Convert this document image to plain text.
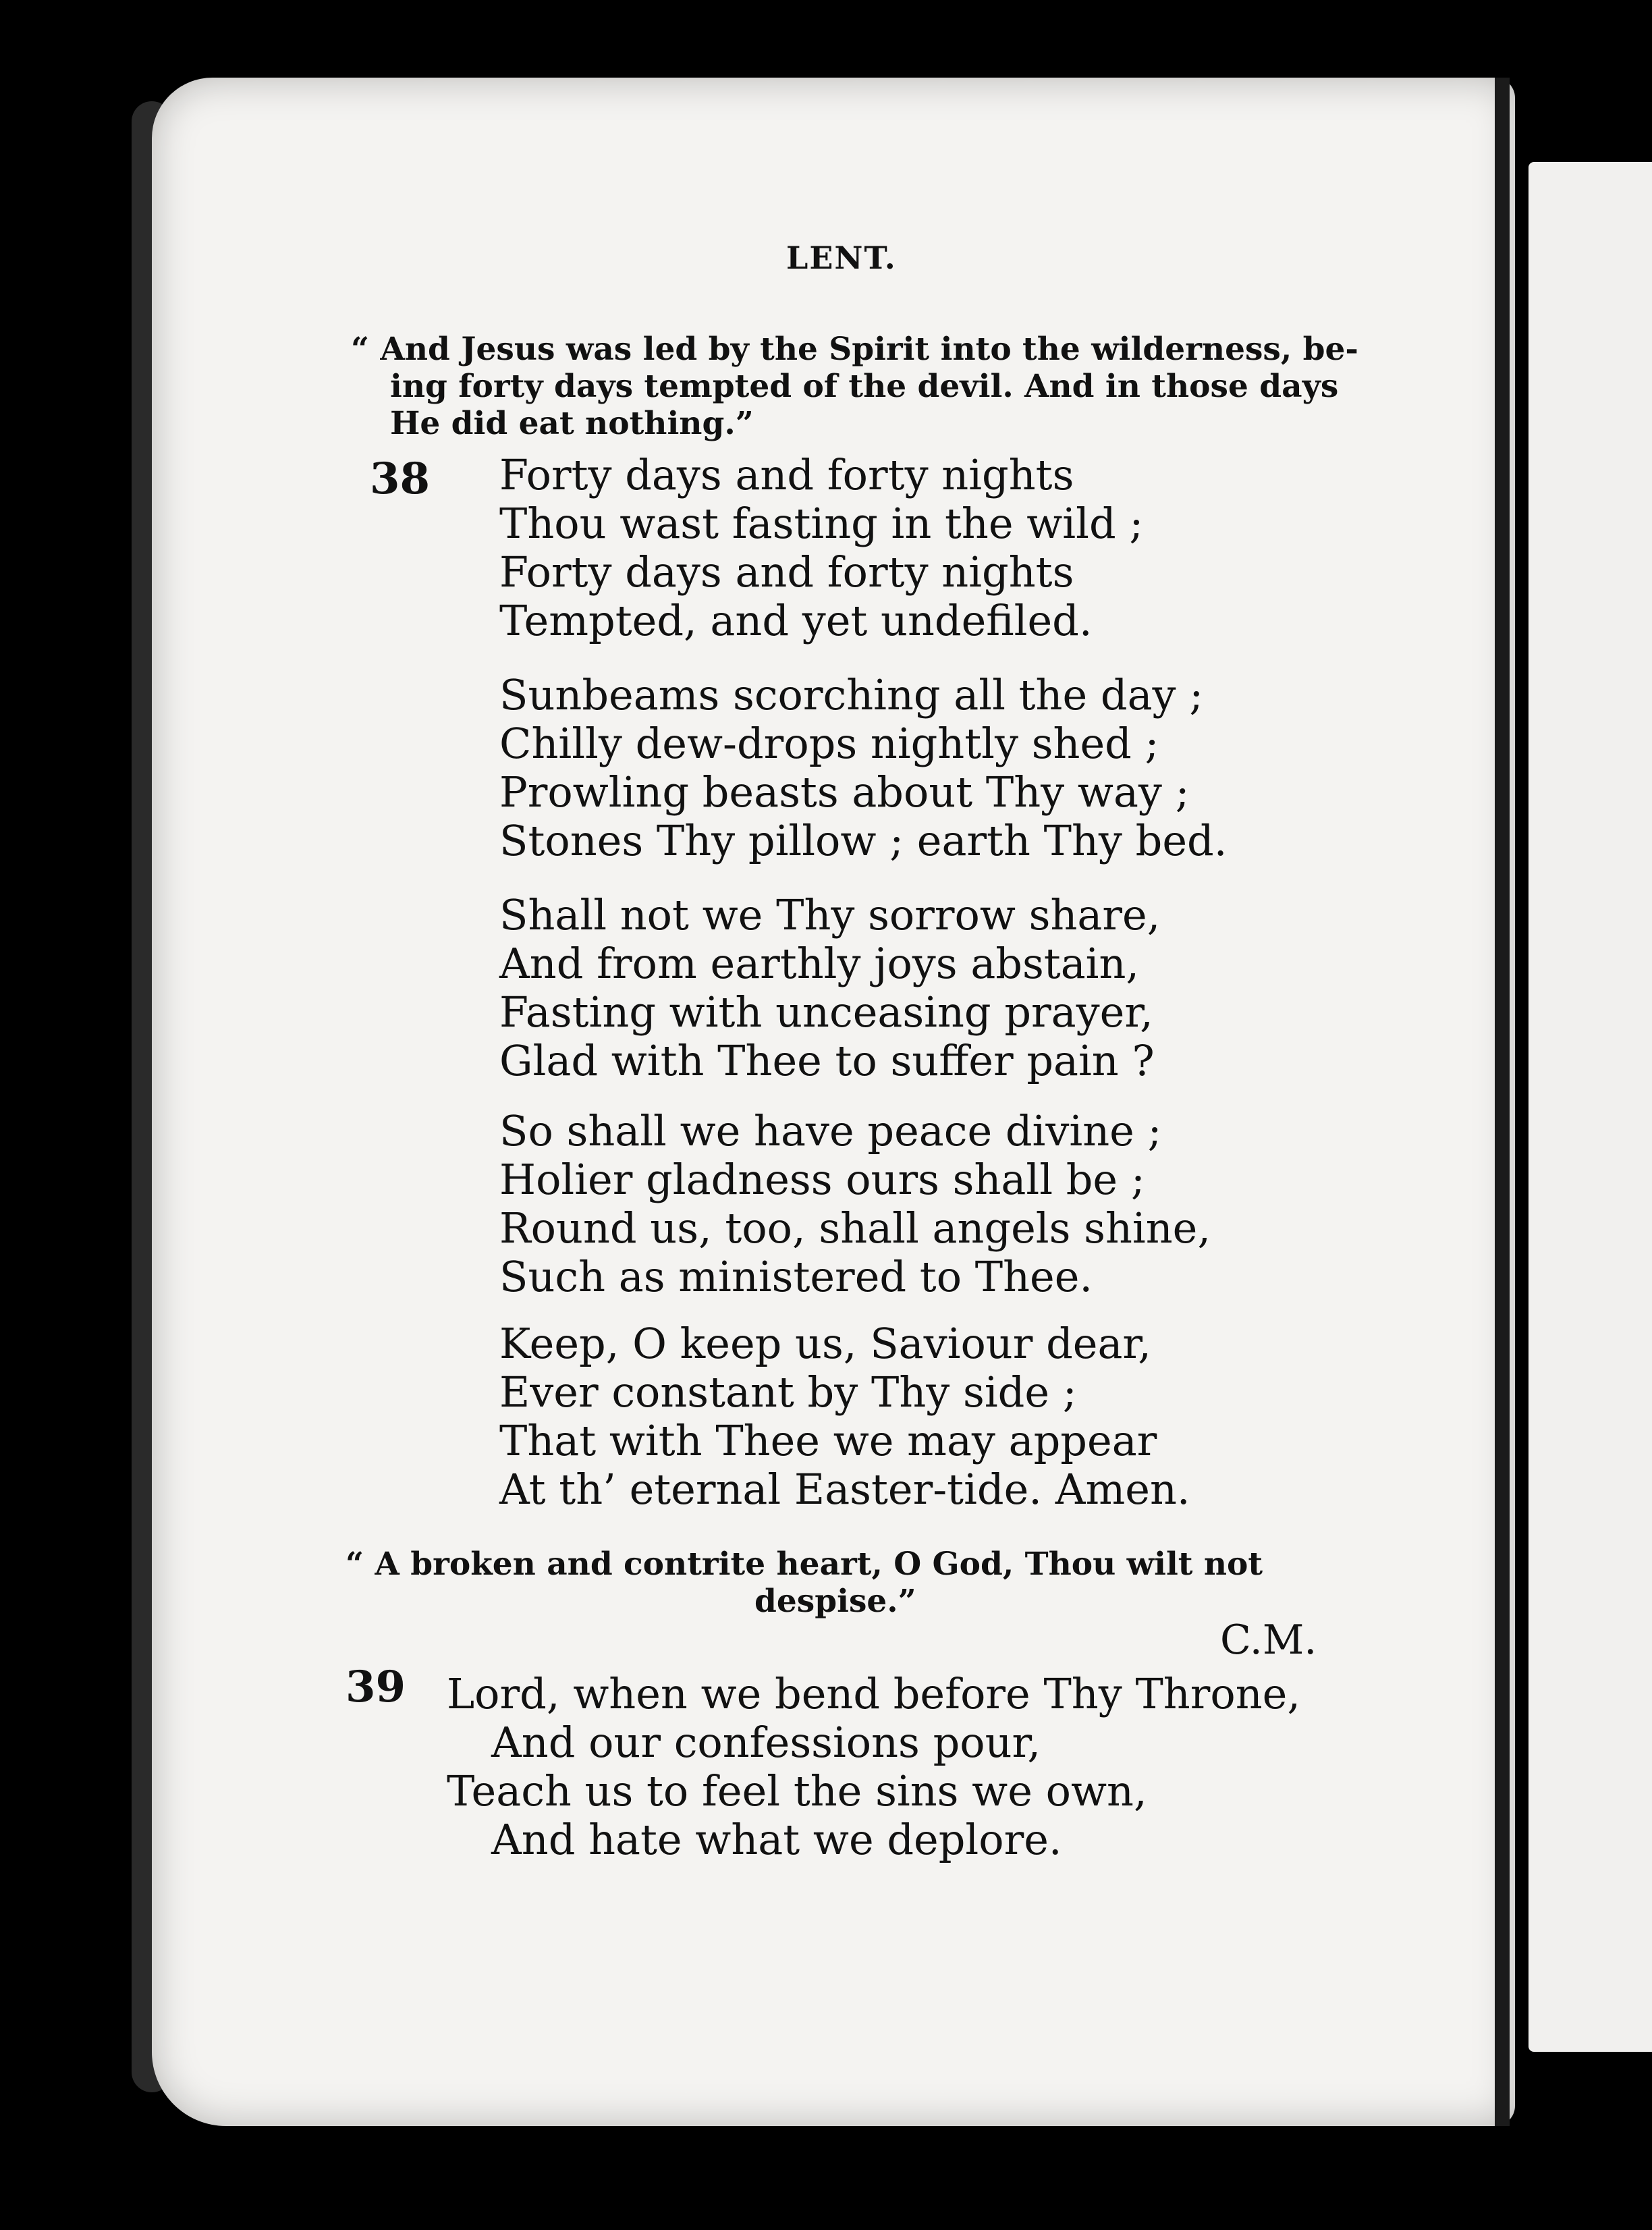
LENT.
“ And Jesus was led by the Spirit into the wilderness, be-
ing forty days tempted of the devil. And in those days
He did eat nothing.”
38 Forty days and forty nights
Thou wast fasting in the wild ;
Forty days and forty nights
Tempted, and yet undefiled.
Sunbeams scorching all the day ;
Chilly dew-drops nightly shed ;
Prowling beasts about Thy way ;
Stones Thy pillow ; earth Thy bed.
Shall not we Thy sorrow share,
And from earthly joys abstain,
Fasting with unceasing prayer,
Glad with Thee to suffer pain ?
So shall we have peace divine ;
Holier gladness ours shall be ;
Round us, too, shall angels shine,
Such as ministered to Thee.
Keep, O keep us, Saviour dear,
Ever constant by Thy side ;
That with Thee we may appear
At th’ eternal Easter-tide. Amen.
“ A broken and contrite heart, O God, Thou wilt not
despise.”
C.M.
39 Lord, when we bend before Thy Throne,
And our confessions pour,
Teach us to feel the sins we own,
And hate what we deplore.
